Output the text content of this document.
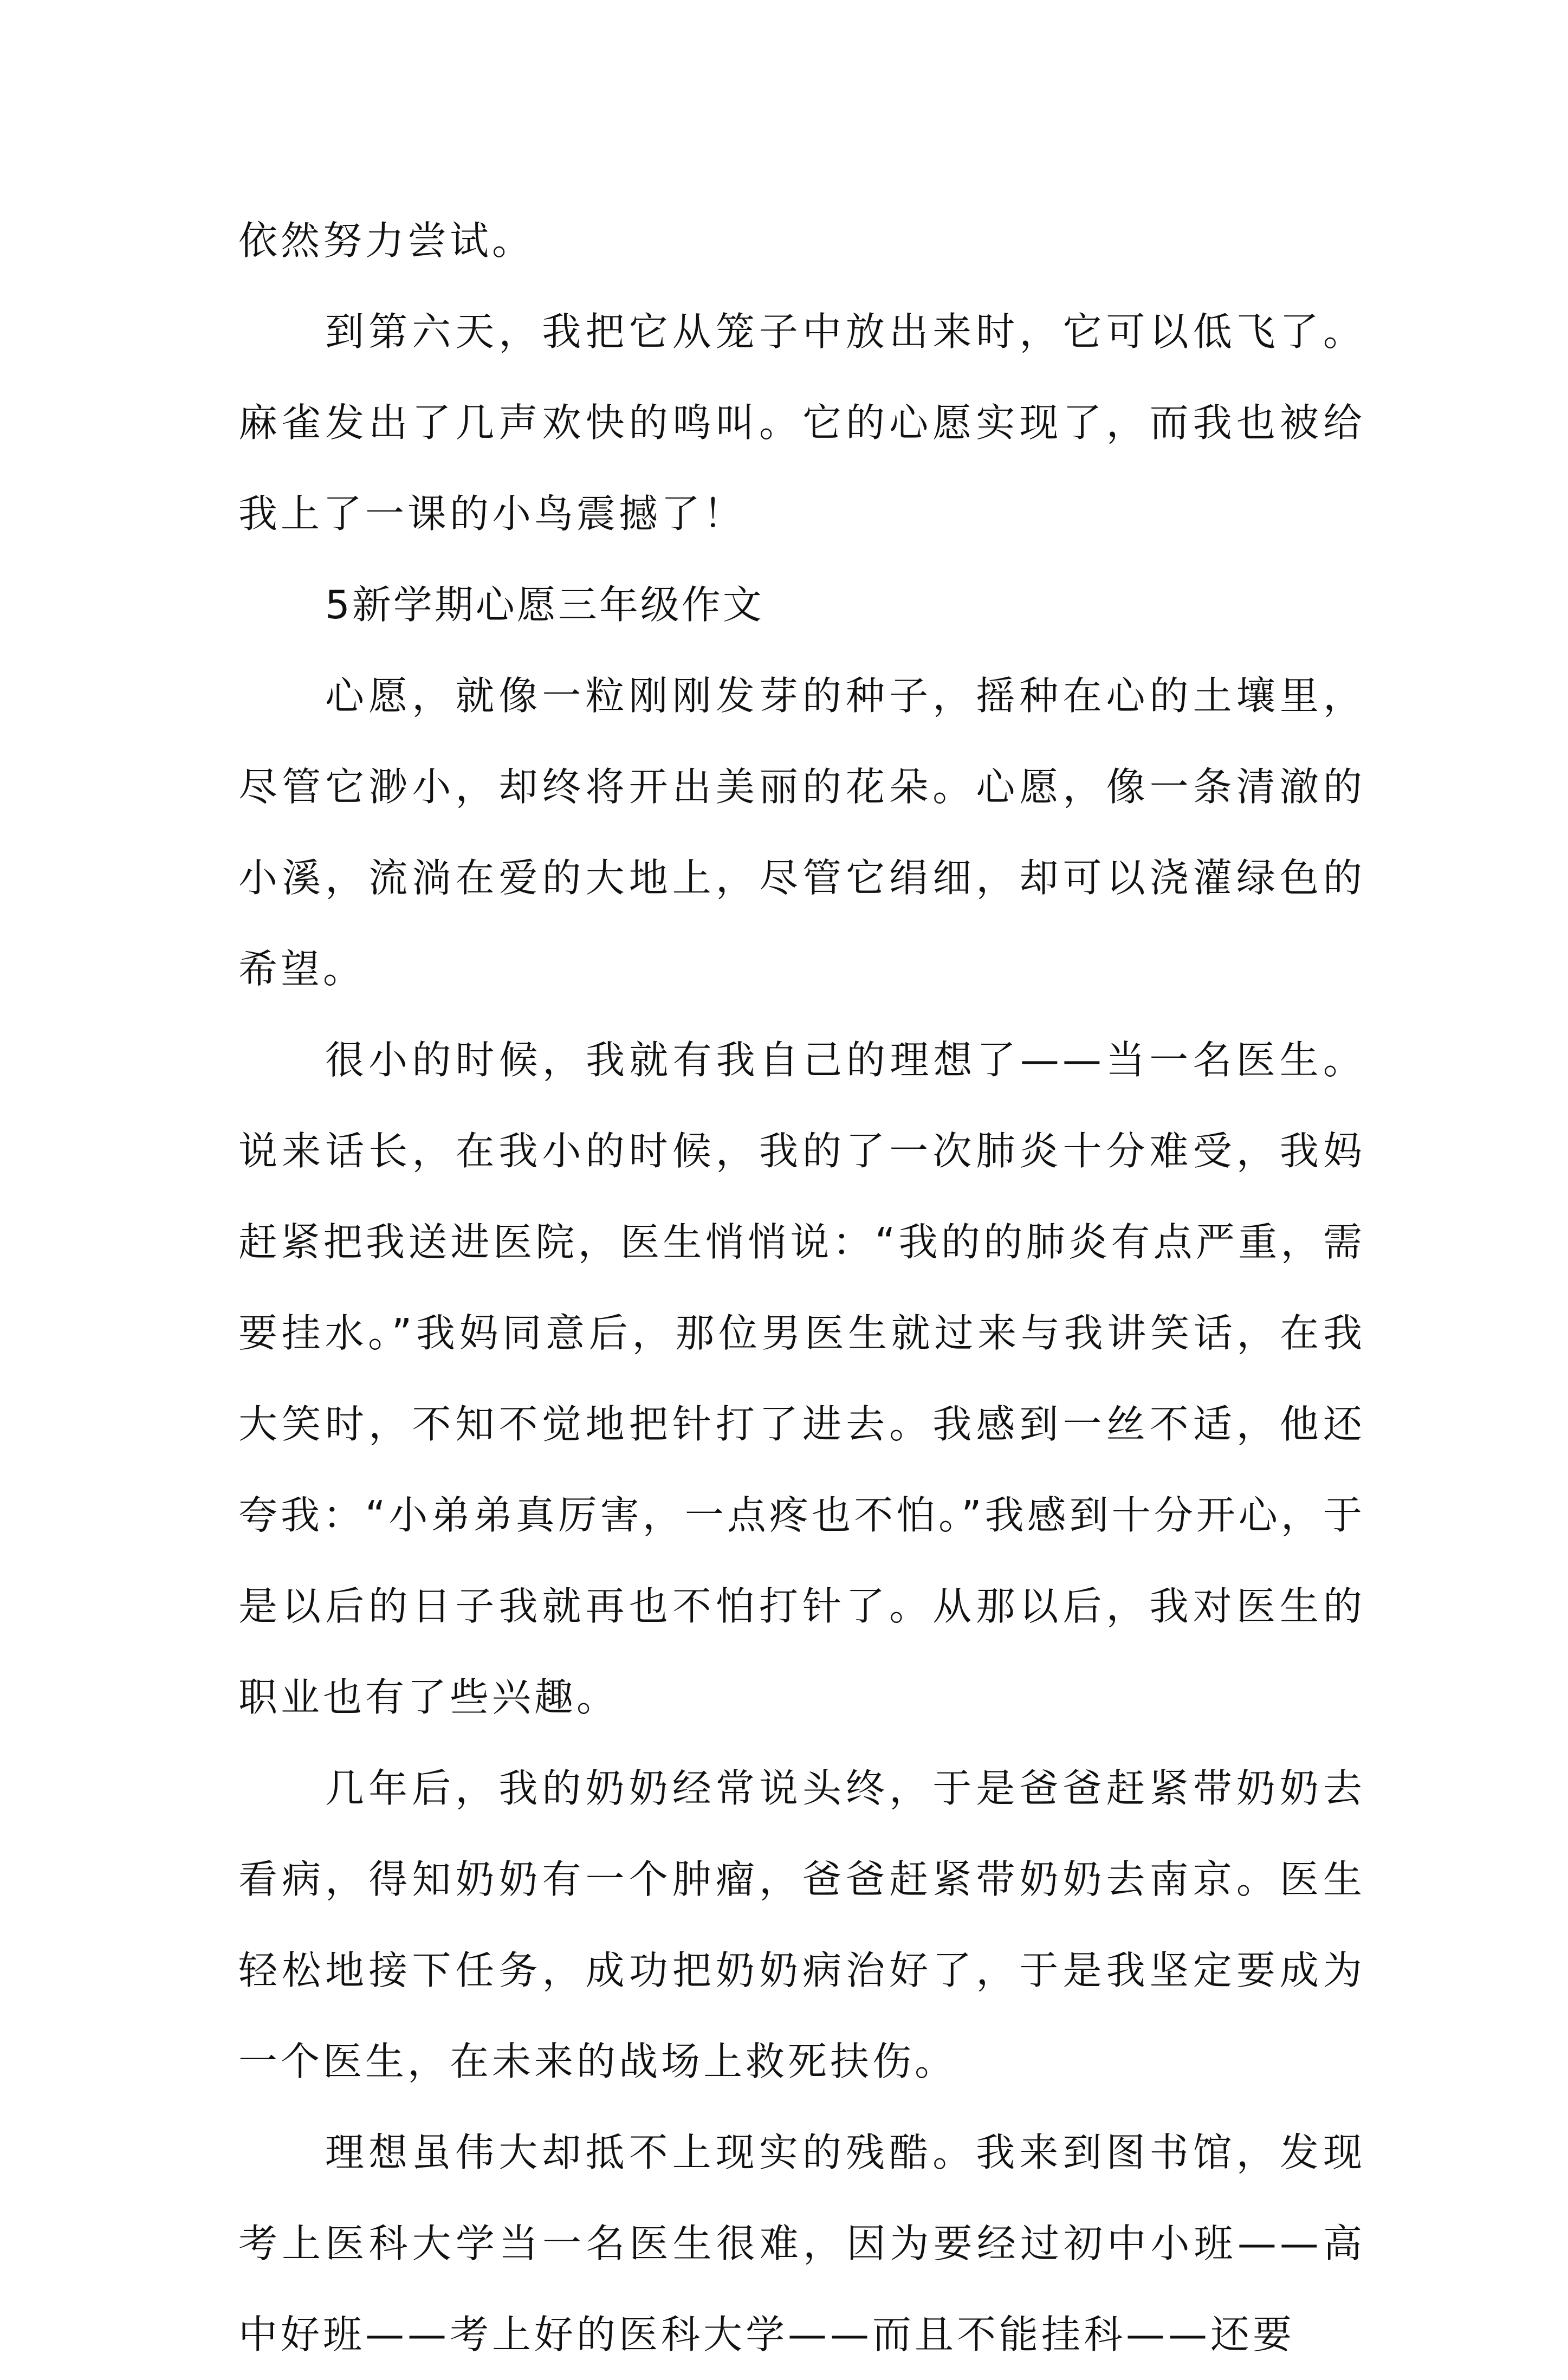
依然努力尝试。

到第六天，我把它从笼子中放出来时，它可以低飞了。麻雀发出了几声欢快的鸣叫。它的心愿实现了，而我也被给我上了一课的小鸟震撼了！

5新学期心愿三年级作文

心愿，就像一粒刚刚发芽的种子，摇种在心的土壤里，尽管它渺小，却终将开出美丽的花朵。心愿，像一条清澈的小溪，流淌在爱的大地上，尽管它绢细，却可以浇灌绿色的希望。

很小的时候，我就有我自己的理想了——当一名医生。说来话长，在我小的时候，我的了一次肺炎十分难受，我妈赶紧把我送进医院，医生悄悄说：“我的的肺炎有点严重，需要挂水。”我妈同意后，那位男医生就过来与我讲笑话，在我大笑时，不知不觉地把针打了进去。我感到一丝不适，他还夸我：“小弟弟真厉害，一点疼也不怕。”我感到十分开心，于是以后的日子我就再也不怕打针了。从那以后，我对医生的职业也有了些兴趣。

几年后，我的奶奶经常说头终，于是爸爸赶紧带奶奶去看病，得知奶奶有一个肿瘤，爸爸赶紧带奶奶去南京。医生轻松地接下任务，成功把奶奶病治好了，于是我坚定要成为一个医生，在未来的战场上救死扶伤。

理想虽伟大却抵不上现实的残酷。我来到图书馆，发现考上医科大学当一名医生很难，因为要经过初中小班——高中好班——考上好的医科大学——而且不能挂科——还要
